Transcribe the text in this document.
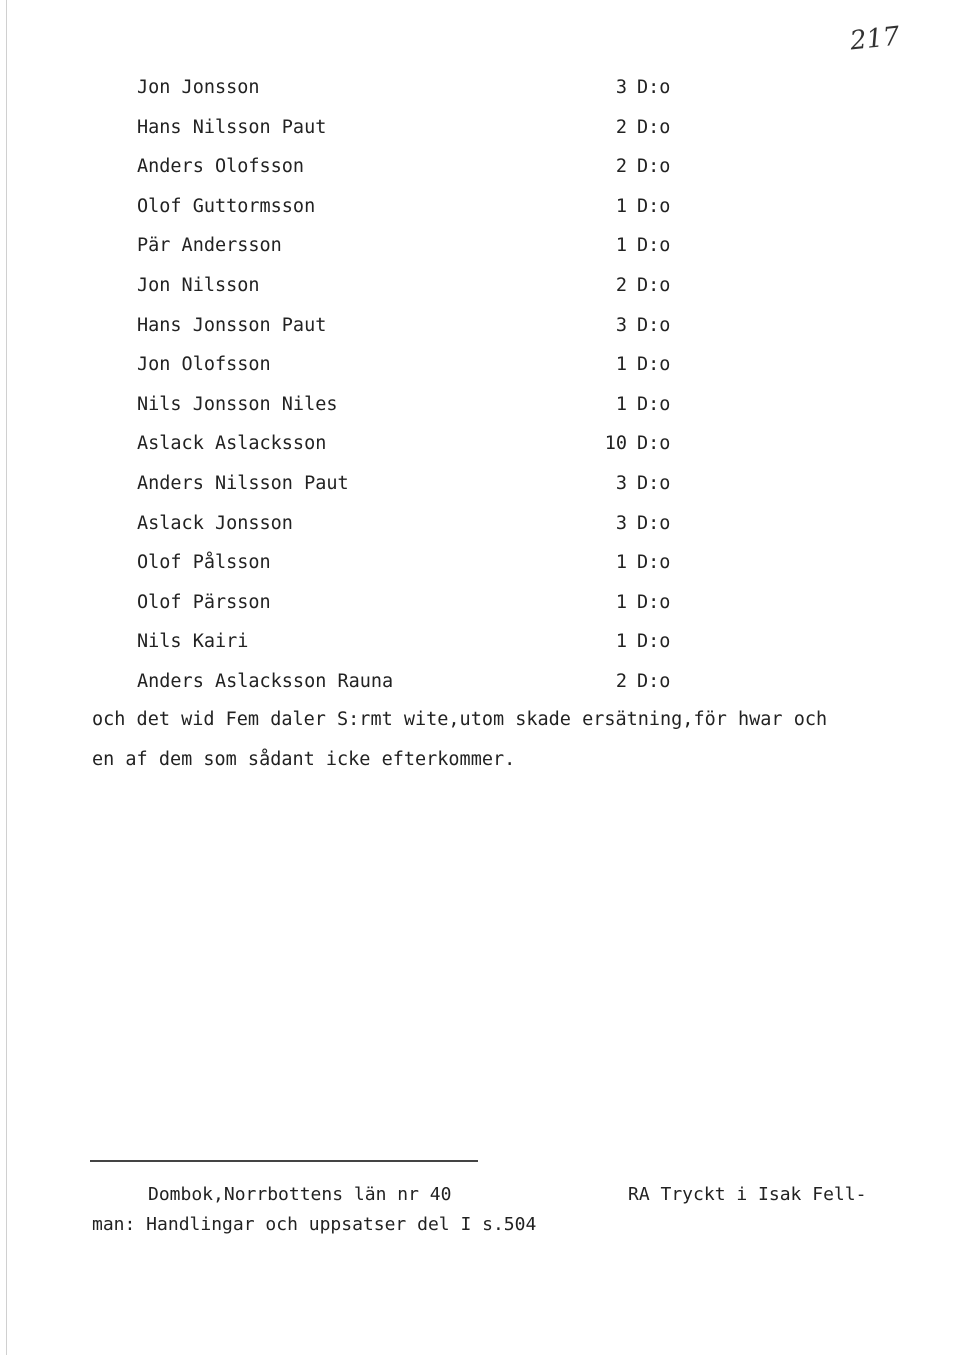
217
Jon Jonsson	3 D:o
Hans Nilsson Paut	2 D:o
Anders Olofsson	2 D:o
Olof Guttormsson	1 D:o
Pär Andersson	1 D:o
Jon Nilsson	2 D:o
Hans Jonsson Paut	3 D:o
Jon Olofsson	1 D:o
Nils Jonsson Niles	1 D:o
Aslack Aslacksson	10 D:o
Anders Nilsson Paut	3 D:o
Aslack Jonsson	3 D:o
Olof Pålsson	1 D:o
Olof Pärsson	1 D:o
Nils Kairi	1 D:o
Anders Aslacksson Rauna	2 D:o
och det wid Fem daler S:rmt wite,utom skade ersätning,för hwar och
en af dem som sådant icke efterkommer.
Dombok,Norrbottens län nr 40	RA Tryckt i Isak Fell-
man: Handlingar och uppsatser del I s.504
